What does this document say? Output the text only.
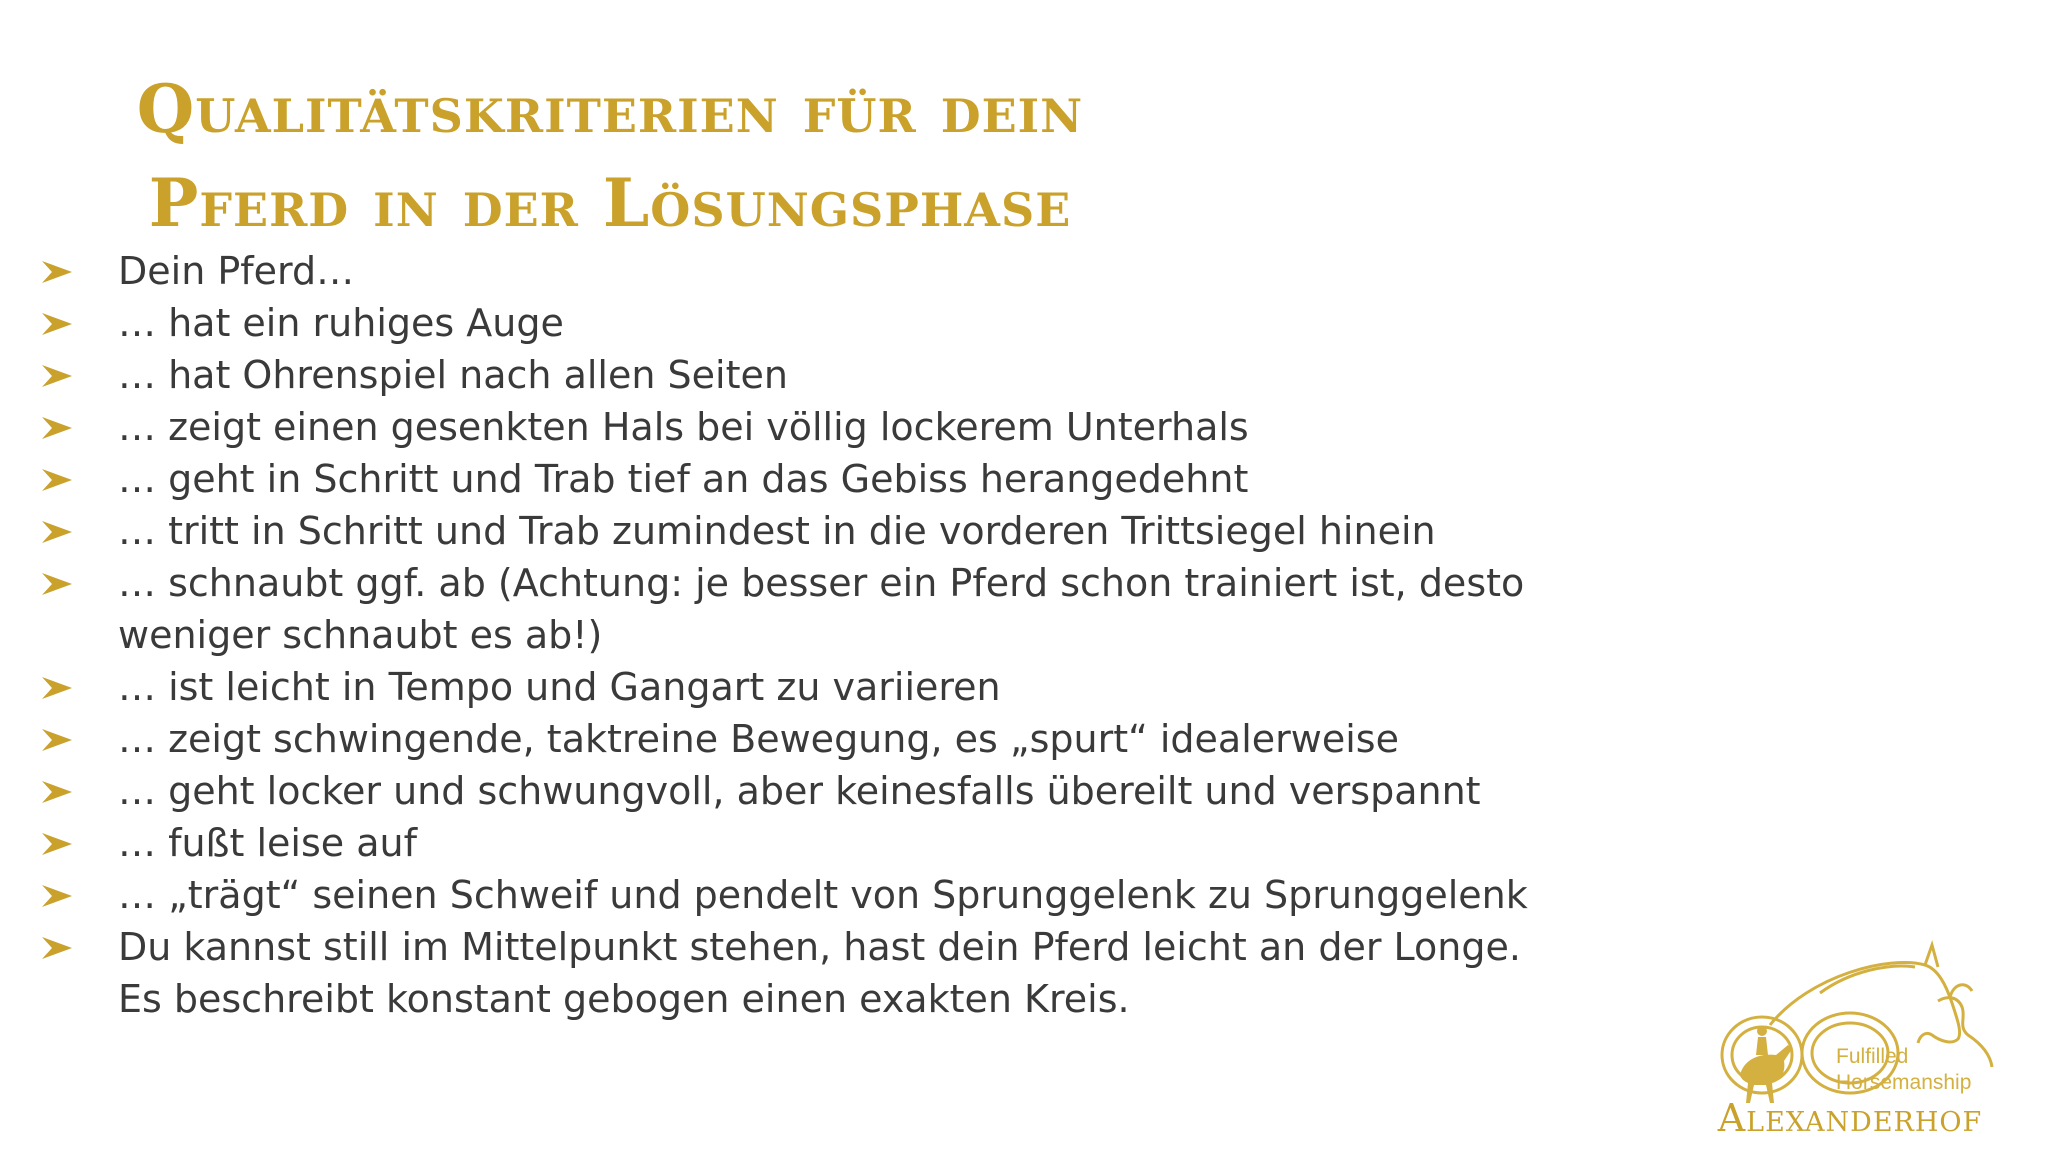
Qualitätskriterien für dein
Pferd in der Lösungsphase
Dein Pferd…
… hat ein ruhiges Auge
… hat Ohrenspiel nach allen Seiten
… zeigt einen gesenkten Hals bei völlig lockerem Unterhals
… geht in Schritt und Trab tief an das Gebiss herangedehnt
… tritt in Schritt und Trab zumindest in die vorderen Trittsiegel hinein
… schnaubt ggf. ab (Achtung: je besser ein Pferd schon trainiert ist, desto
weniger schnaubt es ab!)
… ist leicht in Tempo und Gangart zu variieren
… zeigt schwingende, taktreine Bewegung, es „spurt“ idealerweise
… geht locker und schwungvoll, aber keinesfalls übereilt und verspannt
… fußt leise auf
… „trägt“ seinen Schweif und pendelt von Sprunggelenk zu Sprunggelenk
Du kannst still im Mittelpunkt stehen, hast dein Pferd leicht an der Longe.
Es beschreibt konstant gebogen einen exakten Kreis.
Fulfilled
Horsemanship
Alexanderhof
